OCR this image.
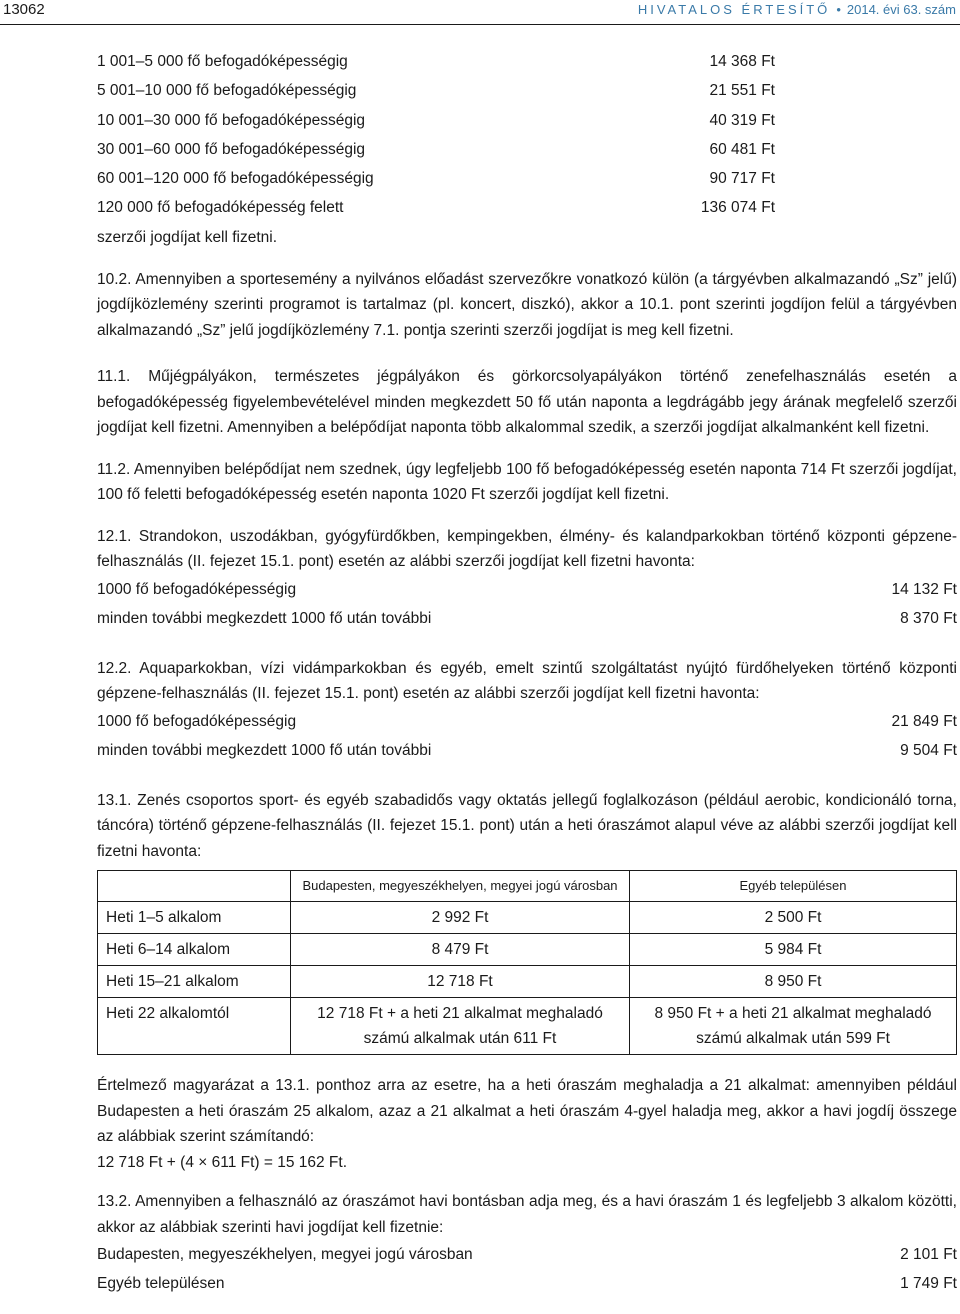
13062	HIVATALOS ÉRTESÍTŐ • 2014. évi 63. szám
1 001–5 000 fő befogadóképességig	14 368 Ft
5 001–10 000 fő befogadóképességig	21 551 Ft
10 001–30 000 fő befogadóképességig	40 319 Ft
30 001–60 000 fő befogadóképességig	60 481 Ft
60 001–120 000 fő befogadóképességig	90 717 Ft
120 000 fő befogadóképesség felett	136 074 Ft
szerzői jogdíjat kell fizetni.

10.2. Amennyiben a sportesemény a nyilvános előadást szervezőkre vonatkozó külön (a tárgyévben alkalmazandó „Sz” jelű) jogdíjközlemény szerinti programot is tartalmaz (pl. koncert, diszkó), akkor a 10.1. pont szerinti jogdíjon felül a tárgyévben alkalmazandó „Sz” jelű jogdíjközlemény 7.1. pontja szerinti szerzői jogdíjat is meg kell fizetni.

11.1. Műjégpályákon, természetes jégpályákon és görkorcsolyapályákon történő zenefelhasználás esetén a befogadóképesség figyelembevételével minden megkezdett 50 fő után naponta a legdrágább jegy árának megfelelő szerzői jogdíjat kell fizetni. Amennyiben a belépődíjat naponta több alkalommal szedik, a szerzői jogdíjat alkalmanként kell fizetni.

11.2. Amennyiben belépődíjat nem szednek, úgy legfeljebb 100 fő befogadóképesség esetén naponta 714 Ft szerzői jogdíjat, 100 fő feletti befogadóképesség esetén naponta 1020 Ft szerzői jogdíjat kell fizetni.

12.1. Strandokon, uszodákban, gyógyfürdőkben, kempingekben, élmény- és kalandparkokban történő központi gépzene-felhasználás (II. fejezet 15.1. pont) esetén az alábbi szerzői jogdíjat kell fizetni havonta:

1000 fő befogadóképességig	14 132 Ft
minden további megkezdett 1000 fő után további	8 370 Ft

12.2. Aquaparkokban, vízi vidámparkokban és egyéb, emelt szintű szolgáltatást nyújtó fürdőhelyeken történő központi gépzene-felhasználás (II. fejezet 15.1. pont) esetén az alábbi szerzői jogdíjat kell fizetni havonta:

1000 fő befogadóképességig	21 849 Ft
minden további megkezdett 1000 fő után további	9 504 Ft

13.1. Zenés csoportos sport- és egyéb szabadidős vagy oktatás jellegű foglalkozáson (például aerobic, kondicionáló torna, táncóra) történő gépzene-felhasználás (II. fejezet 15.1. pont) után a heti óraszámot alapul véve az alábbi szerzői jogdíjat kell fizetni havonta:

	Budapesten, megyeszékhelyen, megyei jogú városban	Egyéb településen
Heti 1–5 alkalom	2 992 Ft	2 500 Ft
Heti 6–14 alkalom	8 479 Ft	5 984 Ft
Heti 15–21 alkalom	12 718 Ft	8 950 Ft
Heti 22 alkalomtól	12 718 Ft + a heti 21 alkalmat meghaladó számú alkalmak után 611 Ft	8 950 Ft + a heti 21 alkalmat meghaladó számú alkalmak után 599 Ft

Értelmező magyarázat a 13.1. ponthoz arra az esetre, ha a heti óraszám meghaladja a 21 alkalmat: amennyiben például Budapesten a heti óraszám 25 alkalom, azaz a 21 alkalmat a heti óraszám 4-gyel haladja meg, akkor a havi jogdíj összege az alábbiak szerint számítandó:

12 718 Ft + (4 × 611 Ft) = 15 162 Ft.

13.2. Amennyiben a felhasználó az óraszámot havi bontásban adja meg, és a havi óraszám 1 és legfeljebb 3 alkalom közötti, akkor az alábbiak szerinti havi jogdíjat kell fizetnie:

Budapesten, megyeszékhelyen, megyei jogú városban	2 101 Ft
Egyéb településen	1 749 Ft
